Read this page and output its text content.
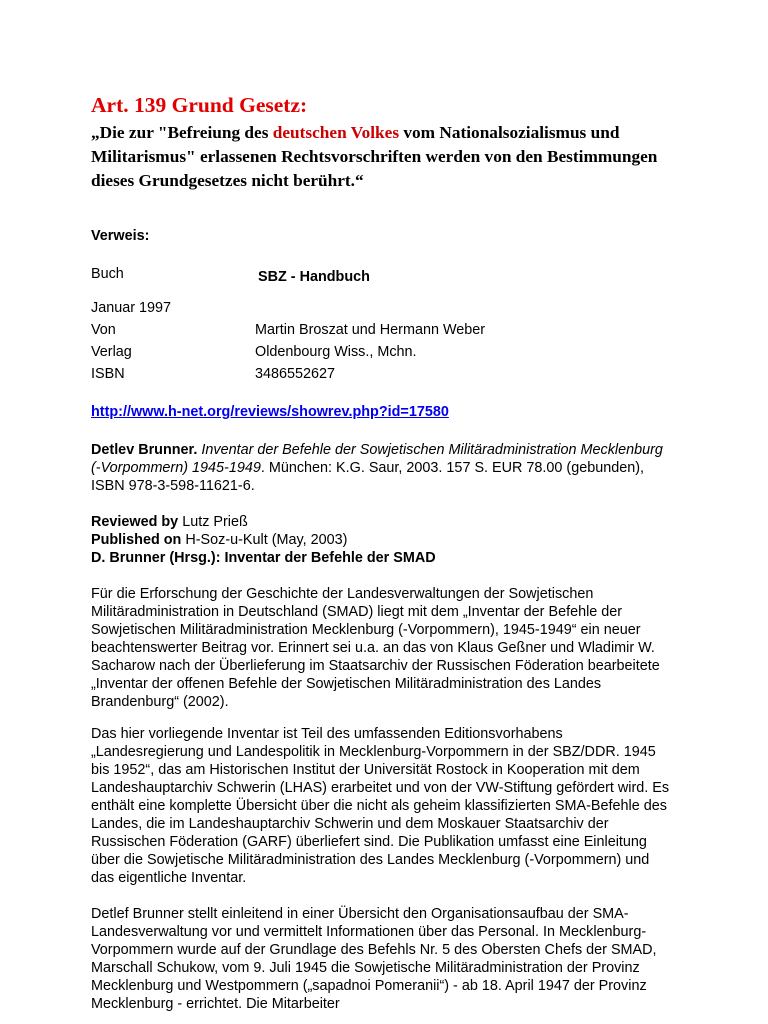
Art. 139 Grund Gesetz:

„Die zur "Befreiung des deutschen Volkes vom Nationalsozialismus und Militarismus" erlassenen Rechtsvorschriften werden von den Bestimmungen dieses Grundgesetzes nicht berührt.“

Verweis:

Buch	SBZ - Handbuch
Januar 1997
Von	Martin Broszat und Hermann Weber
Verlag	Oldenbourg Wiss., Mchn.
ISBN	3486552627
http://www.h-net.org/reviews/showrev.php?id=17580

Detlev Brunner. Inventar der Befehle der Sowjetischen Militäradministration Mecklenburg (-Vorpommern) 1945-1949. München: K.G. Saur, 2003. 157 S. EUR 78.00 (gebunden), ISBN 978-3-598-11621-6.

Reviewed by Lutz Prieß
Published on H-Soz-u-Kult (May, 2003)
D. Brunner (Hrsg.): Inventar der Befehle der SMAD

Für die Erforschung der Geschichte der Landesverwaltungen der Sowjetischen Militäradministration in Deutschland (SMAD) liegt mit dem „Inventar der Befehle der Sowjetischen Militäradministration Mecklenburg (-Vorpommern), 1945-1949“ ein neuer beachtenswerter Beitrag vor. Erinnert sei u.a. an das von Klaus Geßner und Wladimir W. Sacharow nach der Überlieferung im Staatsarchiv der Russischen Föderation bearbeitete „Inventar der offenen Befehle der Sowjetischen Militäradministration des Landes Brandenburg“ (2002).

Das hier vorliegende Inventar ist Teil des umfassenden Editionsvorhabens „Landesregierung und Landespolitik in Mecklenburg-Vorpommern in der SBZ/DDR. 1945 bis 1952“, das am Historischen Institut der Universität Rostock in Kooperation mit dem Landeshauptarchiv Schwerin (LHAS) erarbeitet und von der VW-Stiftung gefördert wird. Es enthält eine komplette Übersicht über die nicht als geheim klassifizierten SMA-Befehle des Landes, die im Landeshauptarchiv Schwerin und dem Moskauer Staatsarchiv der Russischen Föderation (GARF) überliefert sind. Die Publikation umfasst eine Einleitung über die Sowjetische Militäradministration des Landes Mecklenburg (-Vorpommern) und das eigentliche Inventar.

Detlef Brunner stellt einleitend in einer Übersicht den Organisationsaufbau der SMA-Landesverwaltung vor und vermittelt Informationen über das Personal. In Mecklenburg-Vorpommern wurde auf der Grundlage des Befehls Nr. 5 des Obersten Chefs der SMAD, Marschall Schukow, vom 9. Juli 1945 die Sowjetische Militäradministration der Provinz Mecklenburg und Westpommern („sapadnoi Pomeranii“) - ab 18. April 1947 der Provinz Mecklenburg - errichtet. Die Mitarbeiter
